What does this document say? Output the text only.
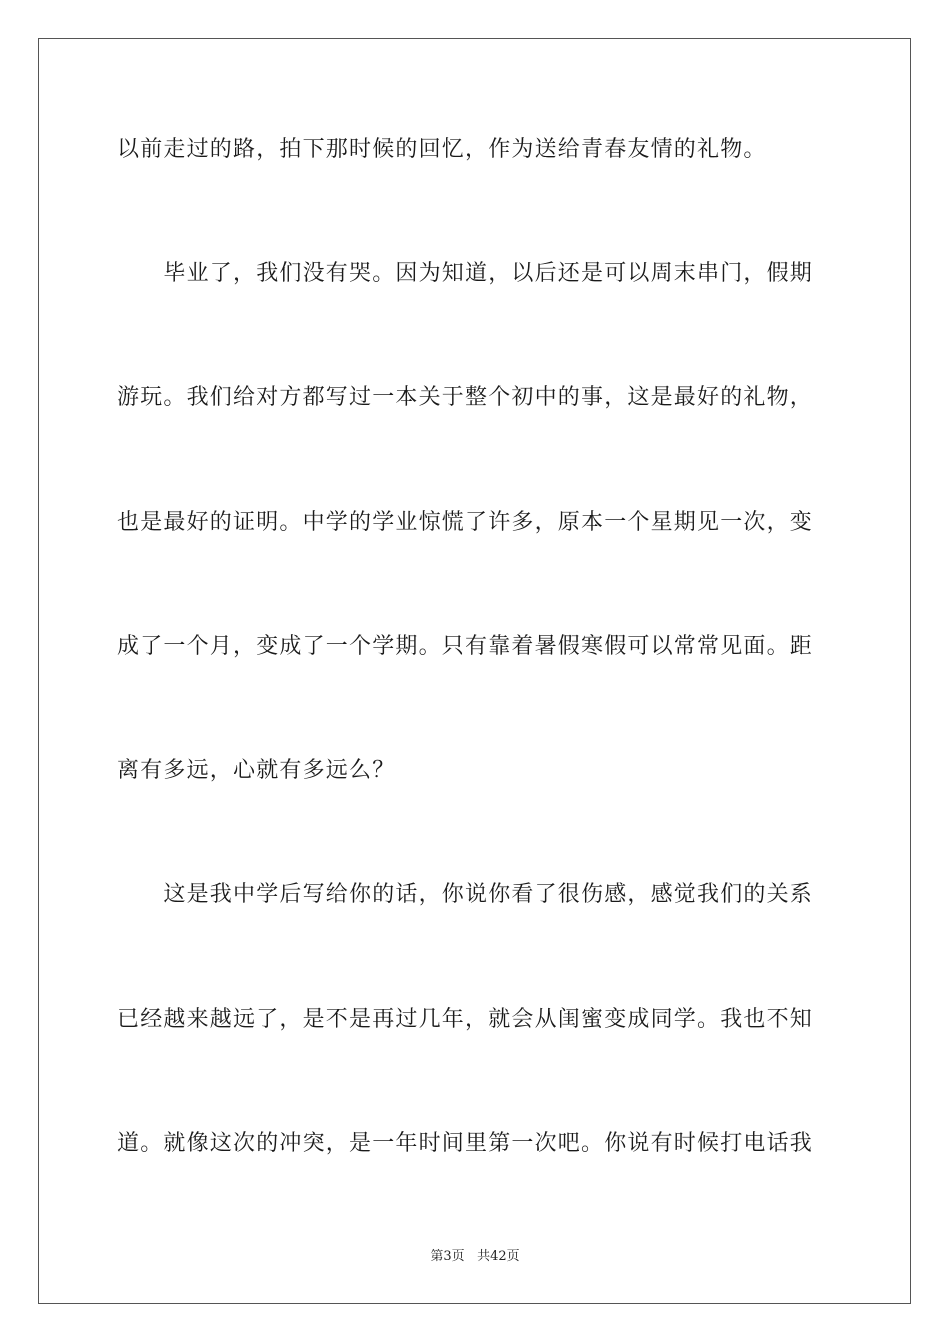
以前走过的路，拍下那时候的回忆，作为送给青春友情的礼物。
　　毕业了，我们没有哭。因为知道，以后还是可以周末串门，假期
游玩。我们给对方都写过一本关于整个初中的事，这是最好的礼物，
也是最好的证明。中学的学业惊慌了许多，原本一个星期见一次，变
成了一个月，变成了一个学期。只有靠着暑假寒假可以常常见面。距
离有多远，心就有多远么？
　　这是我中学后写给你的话，你说你看了很伤感，感觉我们的关系
已经越来越远了，是不是再过几年，就会从闺蜜变成同学。我也不知
道。就像这次的冲突，是一年时间里第一次吧。你说有时候打电话我
第3页 共42页
